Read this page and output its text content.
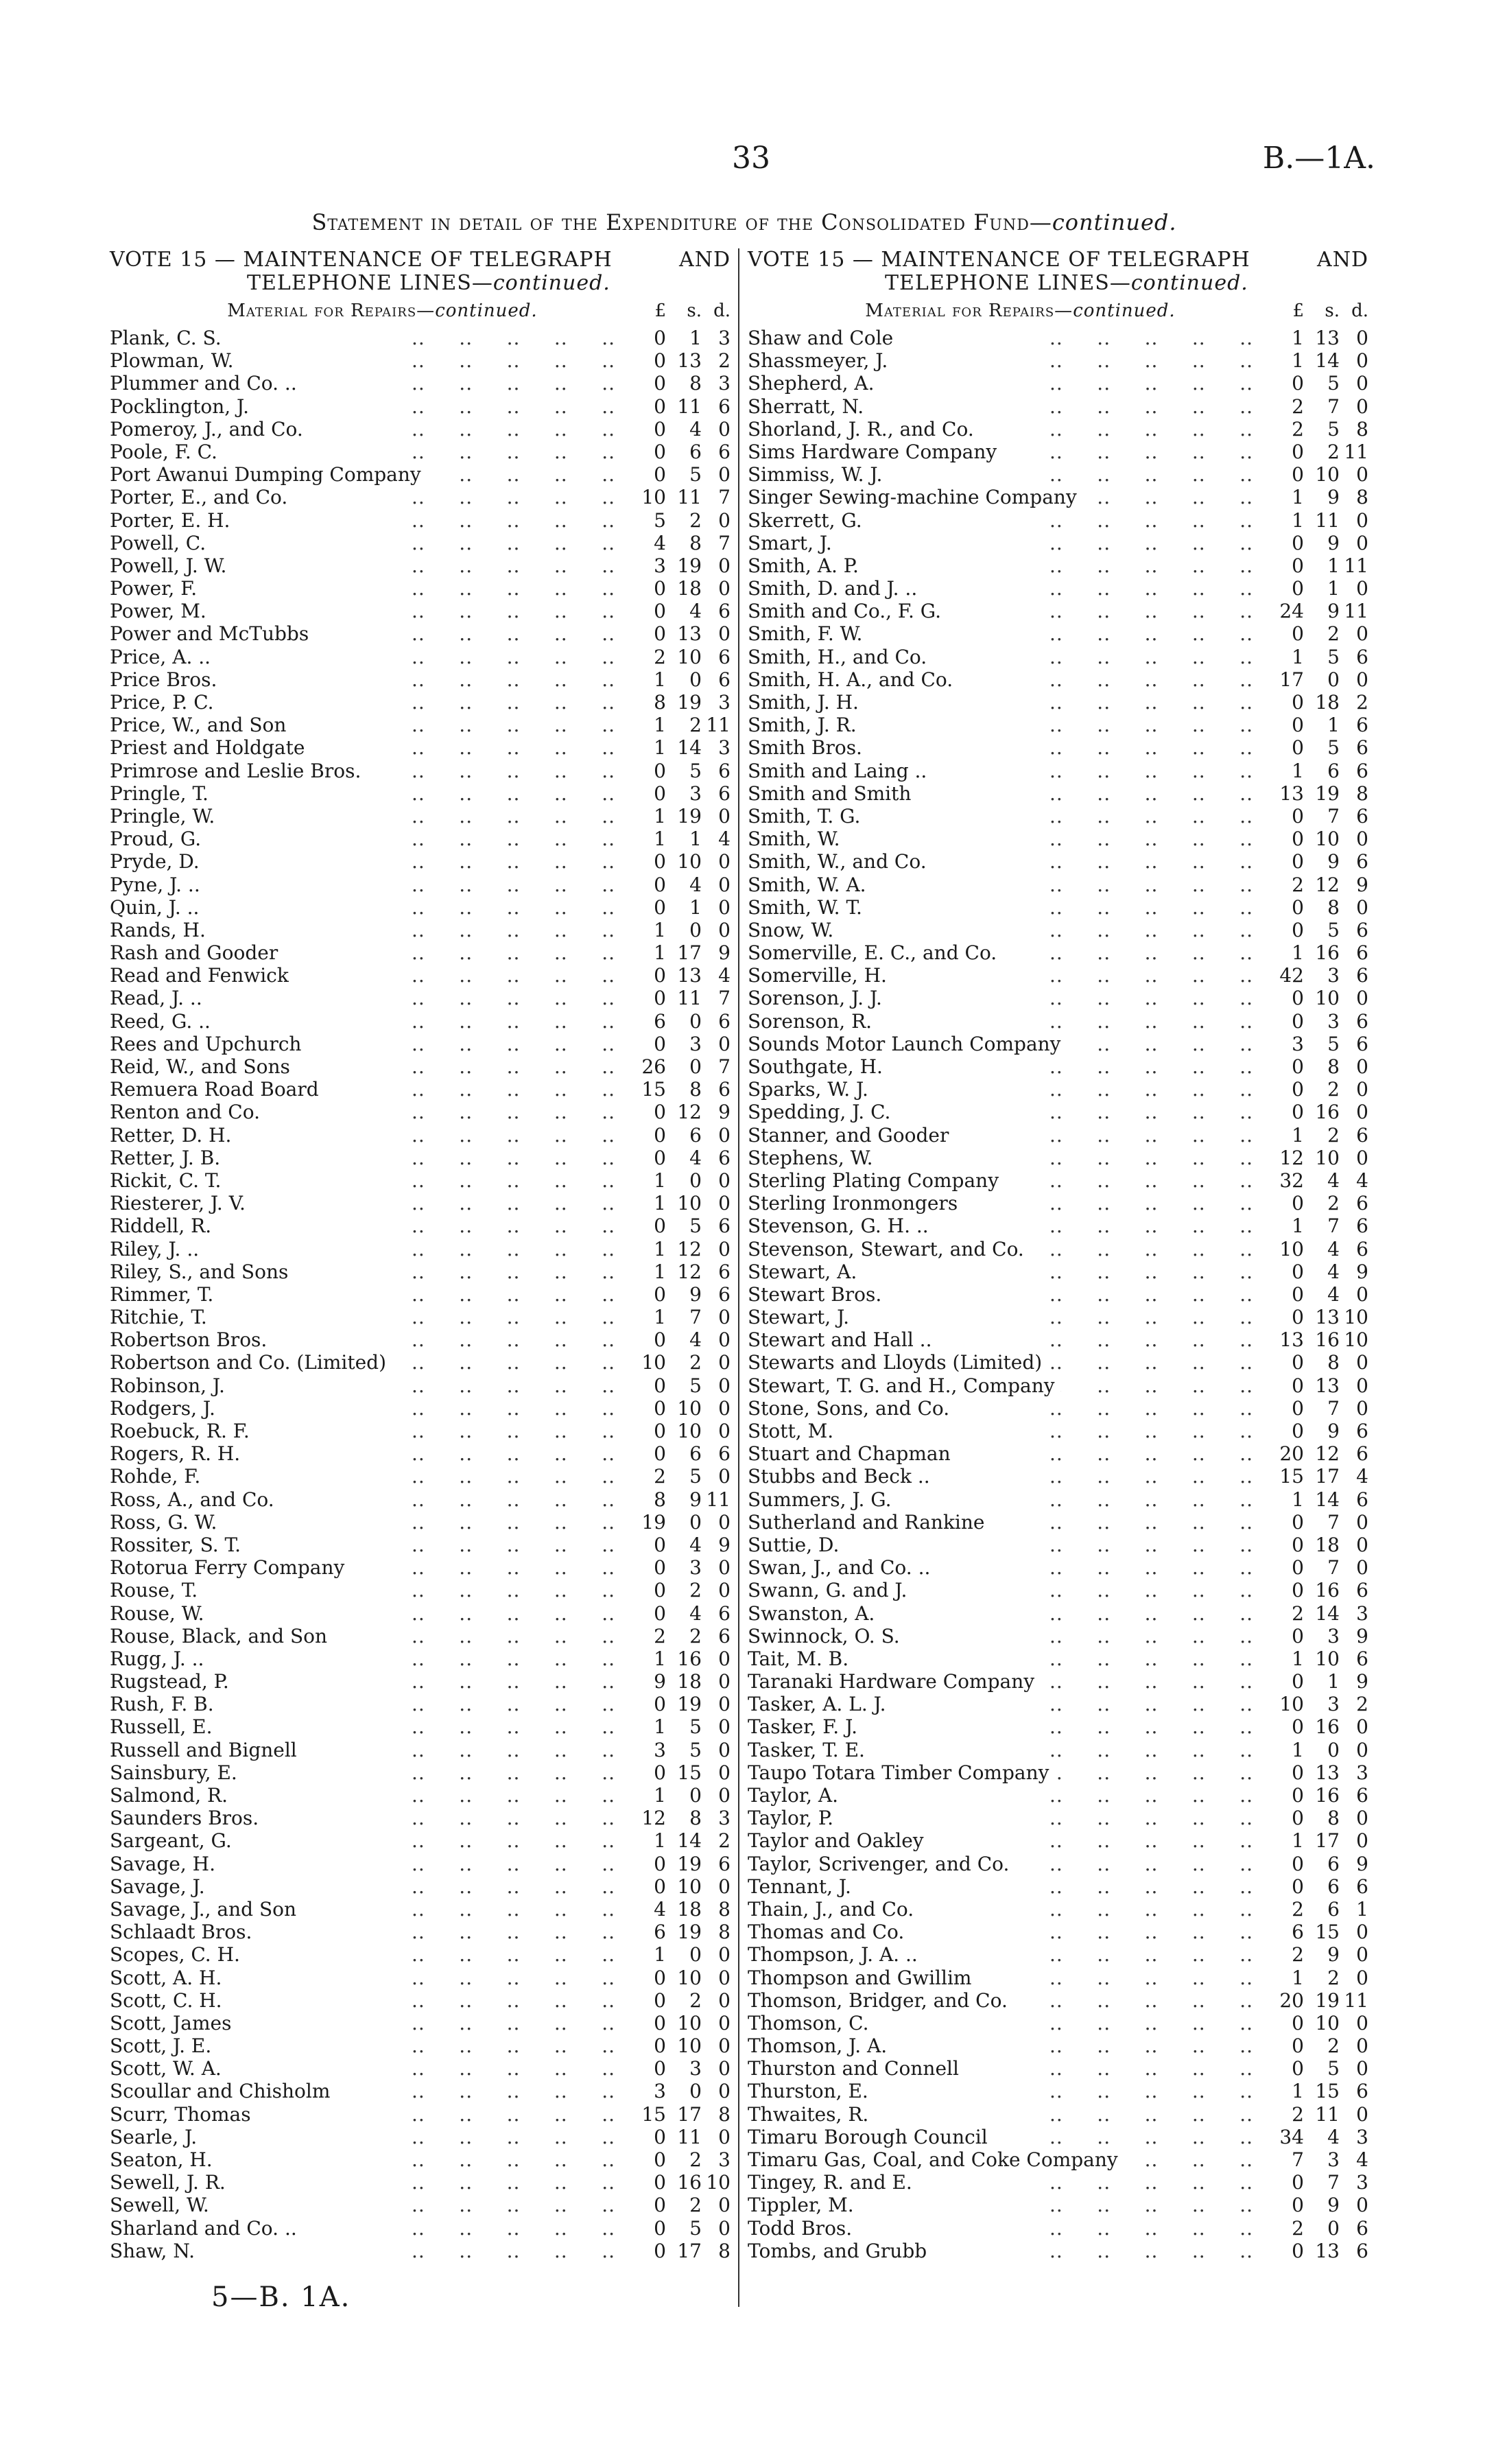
33	B.—1A.
Statement in detail of the Expenditure of the Consolidated Fund—continued.
VOTE 15 — MAINTENANCE OF TELEGRAPH	AND
TELEPHONE LINES—continued.
Material for Repairs—continued.	£	s. d.
Plank, C. S. ..	0	1 3
Plowman, W. ..	0 13 2
Plummer and Co. .. ..	0	8 3
Pocklington, J. ..	0 11 6
Pomeroy, J., and Co. ..	0	4 0
Poole, F. C. ..	0	6 6
Port Awanui Dumping Company ..	0	5 0
Porter, E., and Co. ..	10 11 7
Porter, E. H. ..	5	2 0
Powell, C. ..	4	8 7
Powell, J. W. ..	3 19 0
Power, F. ..	0 18 0
Power, M. ..	0	4 6
Power and McTubbs ..	0 13 0
Price, A. .. ..	2 10 6
Price Bros. ..	1	0 6
Price, P. C. ..	8 19 3
Price, W., and Son ..	1	2 11
Priest and Holdgate ..	1 14 3
Primrose and Leslie Bros. ..	0	5 6
Pringle, T. ..	0	3 6
Pringle, W. ..	1 19 0
Proud, G. ..	1	1 4
Pryde, D. ..	0 10 0
Pyne, J. .. ..	0	4 0
Quin, J. .. ..	0	1 0
Rands, H. ..	1	0 0
Rash and Gooder ..	1 17 9
Read and Fenwick ..	0 13 4
Read, J. .. ..	0 11 7
Reed, G. .. ..	6	0 6
Rees and Upchurch ..	0	3 0
Reid, W., and Sons ..	26	0 7
Remuera Road Board ..	15	8 6
Renton and Co. ..	0 12 9
Retter, D. H. ..	0	6 0
Retter, J. B. ..	0	4 6
Rickit, C. T. ..	1	0 0
Riesterer, J. V. ..	1 10 0
Riddell, R. ..	0	5 6
Riley, J. .. ..	1 12 0
Riley, S., and Sons ..	1 12 6
Rimmer, T. ..	0	9 6
Ritchie, T. ..	1	7 0
Robertson Bros. ..	0	4 0
Robertson and Co. (Limited) ..	10	2 0
Robinson, J. ..	0	5 0
Rodgers, J. ..	0 10 0
Roebuck, R. F. ..	0 10 0
Rogers, R. H. ..	0	6 6
Rohde, F. ..	2	5 0
Ross, A., and Co. ..	8	9 11
Ross, G. W. ..	19	0 0
Rossiter, S. T. ..	0	4 9
Rotorua Ferry Company ..	0	3 0
Rouse, T. ..	0	2 0
Rouse, W. ..	0	4 6
Rouse, Black, and Son ..	2	2 6
Rugg, J. .. ..	1 16 0
Rugstead, P. ..	9 18 0
Rush, F. B. ..	0 19 0
Russell, E. ..	1	5 0
Russell and Bignell ..	3	5 0
Sainsbury, E. ..	0 15 0
Salmond, R. ..	1	0 0
Saunders Bros. ..	12	8 3
Sargeant, G. ..	1 14 2
Savage, H. ..	0 19 6
Savage, J. ..	0 10 0
Savage, J., and Son ..	4 18 8
Schlaadt Bros. ..	6 19 8
Scopes, C. H. ..	1	0 0
Scott, A. H. ..	0 10 0
Scott, C. H. ..	0	2 0
Scott, James ..	0 10 0
Scott, J. E. ..	0 10 0
Scott, W. A. ..	0	3 0
Scoullar and Chisholm ..	3	0 0
Scurr, Thomas ..	15 17 8
Searle, J. ..	0 11 0
Seaton, H. ..	0	2 3
Sewell, J. R. ..	0 16 10
Sewell, W. ..	0	2 0
Sharland and Co. .. ..	0	5 0
Shaw, N. ..	0 17 8
VOTE 15 — MAINTENANCE OF TELEGRAPH	AND
TELEPHONE LINES—continued.
Material for Repairs—continued.	£	s. d.
Shaw and Cole ..	1 13 0
Shassmeyer, J. ..	1 14 0
Shepherd, A. ..	0	5 0
Sherratt, N. ..	2	7 0
Shorland, J. R., and Co. ..	2	5 8
Sims Hardware Company ..	0	2 11
Simmiss, W. J. ..	0 10 0
Singer Sewing-machine Company ..	1	9 8
Skerrett, G. ..	1 11 0
Smart, J. ..	0	9 0
Smith, A. P. ..	0	1 11
Smith, D. and J. .. ..	0	1 0
Smith and Co., F. G. ..	24	9 11
Smith, F. W. ..	0	2 0
Smith, H., and Co. ..	1	5 6
Smith, H. A., and Co. ..	17	0 0
Smith, J. H. ..	0 18 2
Smith, J. R. ..	0	1 6
Smith Bros. ..	0	5 6
Smith and Laing .. ..	1	6 6
Smith and Smith ..	13 19 8
Smith, T. G. ..	0	7 6
Smith, W. ..	0 10 0
Smith, W., and Co. ..	0	9 6
Smith, W. A. ..	2 12 9
Smith, W. T. ..	0	8 0
Snow, W. ..	0	5 6
Somerville, E. C., and Co. ..	1 16 6
Somerville, H. ..	42	3 6
Sorenson, J. J. ..	0 10 0
Sorenson, R. ..	0	3 6
Sounds Motor Launch Company ..	3	5 6
Southgate, H. ..	0	8 0
Sparks, W. J. ..	0	2 0
Spedding, J. C. ..	0 16 0
Stanner, and Gooder ..	1	2 6
Stephens, W. ..	12 10 0
Sterling Plating Company ..	32	4 4
Sterling Ironmongers ..	0	2 6
Stevenson, G. H. .. ..	1	7 6
Stevenson, Stewart, and Co. ..	10	4 6
Stewart, A. ..	0	4 9
Stewart Bros. ..	0	4 0
Stewart, J. ..	0 13 10
Stewart and Hall .. ..	13 16 10
Stewarts and Lloyds (Limited) ..	0	8 0
Stewart, T. G. and H., Company ..	0 13 0
Stone, Sons, and Co. ..	0	7 0
Stott, M. ..	0	9 6
Stuart and Chapman ..	20 12 6
Stubbs and Beck .. ..	15 17 4
Summers, J. G. ..	1 14 6
Sutherland and Rankine ..	0	7 0
Suttie, D. ..	0 18 0
Swan, J., and Co. .. ..	0	7 0
Swann, G. and J. ..	0 16 6
Swanston, A. ..	2 14 3
Swinnock, O. S. ..	0	3 9
Tait, M. B. ..	1 10 6
Taranaki Hardware Company ..	0	1 9
Tasker, A. L. J. ..	10	3 2
Tasker, F. J. ..	0 16 0
Tasker, T. E. ..	1	0 0
Taupo Totara Timber Company ..	0 13 3
Taylor, A. ..	0 16 6
Taylor, P. ..	0	8 0
Taylor and Oakley ..	1 17 0
Taylor, Scrivenger, and Co. ..	0	6 9
Tennant, J. ..	0	6 6
Thain, J., and Co. ..	2	6 1
Thomas and Co. ..	6 15 0
Thompson, J. A. .. ..	2	9 0
Thompson and Gwillim ..	1	2 0
Thomson, Bridger, and Co. ..	20 19 11
Thomson, C. ..	0 10 0
Thomson, J. A. ..	0	2 0
Thurston and Connell ..	0	5 0
Thurston, E. ..	1 15 6
Thwaites, R. ..	2 11 0
Timaru Borough Council ..	34	4 3
Timaru Gas, Coal, and Coke Company ..	7	3 4
Tingey, R. and E. ..	0	7 3
Tippler, M. ..	0	9 0
Todd Bros. ..	2	0 6
Tombs, and Grubb ..	0 13 6
5—B. 1A.
